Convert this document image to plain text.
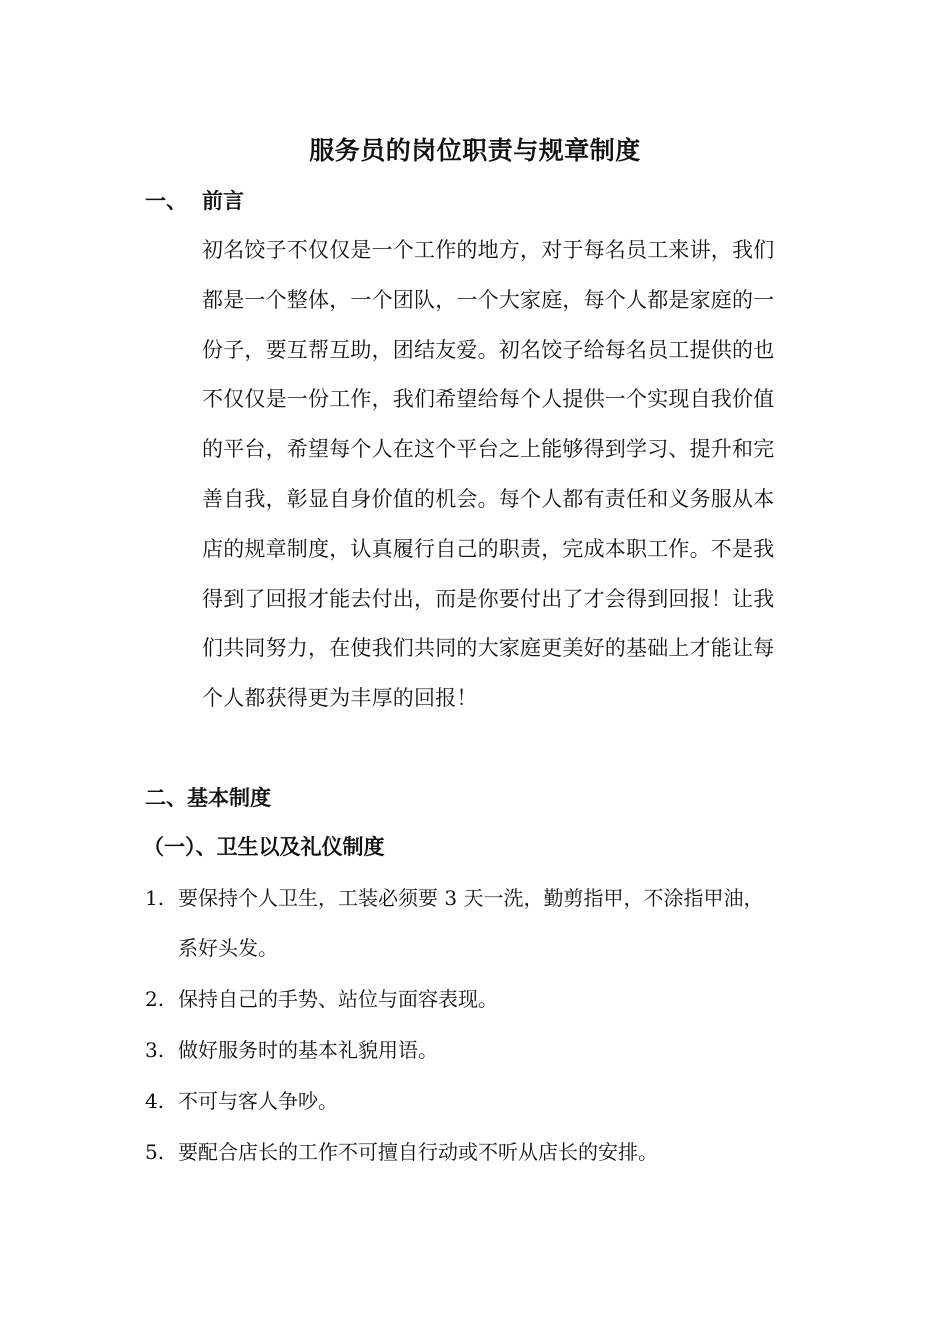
服务员的岗位职责与规章制度
一、 前言
初名饺子不仅仅是一个工作的地方，对于每名员工来讲，我们
都是一个整体，一个团队，一个大家庭，每个人都是家庭的一
份子，要互帮互助，团结友爱。初名饺子给每名员工提供的也
不仅仅是一份工作，我们希望给每个人提供一个实现自我价值
的平台，希望每个人在这个平台之上能够得到学习、提升和完
善自我，彰显自身价值的机会。每个人都有责任和义务服从本
店的规章制度，认真履行自己的职责，完成本职工作。不是我
得到了回报才能去付出，而是你要付出了才会得到回报！让我
们共同努力，在使我们共同的大家庭更美好的基础上才能让每
个人都获得更为丰厚的回报！
二、基本制度
（一）、卫生以及礼仪制度
1. 要保持个人卫生，工装必须要 3 天一洗，勤剪指甲，不涂指甲油，
系好头发。
2. 保持自己的手势、站位与面容表现。
3. 做好服务时的基本礼貌用语。
4. 不可与客人争吵。
5. 要配合店长的工作不可擅自行动或不听从店长的安排。
